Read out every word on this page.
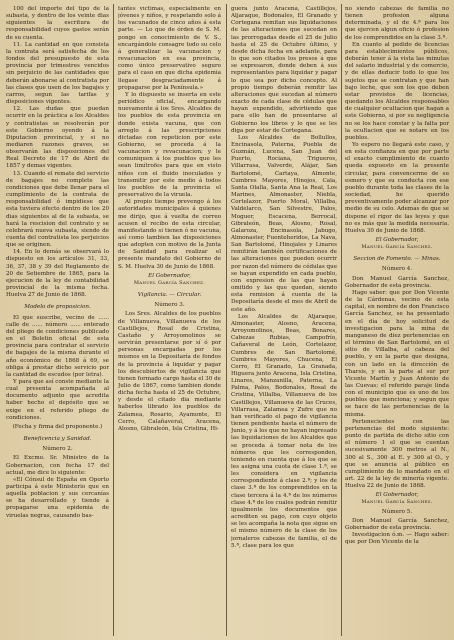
100 del importe del tipo de la subasta, y dentro de los veinte dias siguientes la escritura de responsabilidad cuyos gastos serán de su cuenta.

11. La cantidad en que consista la contrata será satisfecha de los fondos del presupuesto de esta provincia por trimestres vencidos sin perjuicio de las cantidades que deberán abonarse al contratista por las clases que usen de los bagajes y carros, segun las tarifas y disposiciones vigentes.

12. Las dudas que puedan ocurrir en la práctica a los Alcaldes y contratistas se resolverán por este Gobierno oyendo á la Diputacion provincial, y si no mediaren razones graves, se observarán las disposiciones del Real Decreto de 17 de Abril de 1857 y demas vigentes.

13. Cuando el remate del servicio de bagajes no complete las condiciones que debe llenar para el cumplimiento de la contrata de responsabilidad ó impidiese que esta tuviera efecto dentro de los 20 dias siguientes al de la subasta, se hará la rescision del contrato y se celebrará nueva subasta, siendo de cuenta del contratista los perjuicios que se originen.

14. En lo demás se observará lo dispuesto en los artículos 31, 33, 36, 37, 38 y 39 del Reglamento de 20 de Setiembre de 1865, para la ejecucion de la ley de contabilidad provincial de la misma fecha. Huelva 27 de Junio de 1868.

Modelo de proposicion.

El que suscribe, vecino de ...... calle de ...... número ...... enterado del pliego de condiciones publicado en el Boletin oficial de esta provincia para contratar el servicio de bagajes de la misma durante el año económico de 1868 á 69, se obliga á prestar dicho servicio por la cantidad de escudos (por letra).

Y para que así conste mediante la cual presenta acompañada al documento adjunto que acredita haber hecho el depósito que se exige en el referido pliego de condiciones.

(Fecha y firma del proponente.)
Beneficencia y Sanidad.
Número 2.

El Excmo. Sr. Ministro de la Gobernacion, con fecha 17 del actual, me dice lo siguiente:

«El Cónsul de España en Oporto participa á este Ministerio que en aquella poblacion y sus cercanías se ha desarrollado y tiende á propagarse una epidemia de viruelas negras, causando bas-

tantes víctimas, especialmente en jóvenes y niños, y respetando solo á los vacunados de cinco años á esta parte. — Lo que de órden de S. M. pongo en conocimiento de V. S., encargándole consagre todo su celo á generalizar la vacunacion y revacunacion en esa provincia, como único preservativo seguro para el caso en que dicha epidemia llegase desgraciadamente á propagarse por la Península.»

Y lo dispuesto se inserta en este periódico oficial, encargando nuevamente á los Sres. Alcaldes de los pueblos de esta provincia en donde exista vacuna, que con arreglo á las prescripciones dictadas con repeticion por este Gobierno, se proceda á la vacunacion y revacunacion; y le comuniquen á los pueblos que les sean limítrofes para que en visto niños con el fluido inoculados y transmitir por este medio á todos los pueblos de la provincia el preservativo de la viruela.

Al propio tiempo prevengo á los autoridades municipales á quienes me dirijo, que á vuelta de correo acusen el recibo de esta circular, manifestando si tienen ó no vacuna, así como tambien las disposiciones que adopten con motivo de la Junta de Sanidad para realizar el presente mandato del Gobierno de S. M. Huelva 30 de Junio de 1868.

El Gobernador,
Manuel García Sanchez.
Vigilancia. — Circular.
Número 3.

Los Sres. Alcaldes de los pueblos de Villanueva, Villanueva de los Castillejos, Rosal de Cristina, Castaño y Arroyomolinos se servirán presentarse por sí ó por personas encargadas por los mismos en la Depositaría de fondos de la provincia á liquidar y pagar los descubiertos de vigilancia que tienen formado cargo hasta el 30 de Julio de 1867, como tambien donde dicha fecha hasta el 25 de Octubre, y desde el citado dia mediante haberlos librado los pueblos de Zalamea, Rosario, Ayamonte, El Cerro, Calañaveral, Aracena, Alosno, Gibraleón, Isla Cristina, Hi-

guera junto Aracena, Castillejos, Aljaraque, Bodonales, El Granado y Cortegana remitan sus liquidaciones de las alteraciones que sucedan en las prorrogadas desde el 25 de Julio hasta el 25 de Octubre último, y desde dicha fecha en adelante, para lo que son citados los presos á que se expresaron, donde deben á sus representantes para liquidar y pagar lo que sea por dicho concepto. Al propio tiempo deberán remitir las alteraciones que sucedan al número exacto de cada clase de cédulas que hayan expendido, advirtiendo que para ello han de presentarse al Gobierno los libros y lo que se les diga por estar de Cortegana.

Los Alcaldes de Bollullos, Encinasola, Paterna, Puebla de Guzmán, Lucena, San Juan del Puerto, Rociana, Trigueros, Villarrasa, Valverde, Alájar, San Bartolomé, Cartaya, Almonte, Cumbres Mayores, Hinojos, Cala, Santa Olalla, Santa Ana la Real, Los Marines, Almonaster, Niebla, Cortelazor, Puerto Moral, Villalba, Valdelarco, San Silvestre, Palos, Moguer, Escacena, Berrocal, Gibraleón, Beas, Alosno, Rosal, Galaroza, Encinasola, Jabugo, Almonaster, Fuenteheridos, La Nava, San Bartolomé, Hinojales y Linares remitirán también certificaciones de las alteraciones que pueden ocurrir por razon del número de cédulas que se hayan expendido en cada pueblo, con expresion de las que hayan omitido y las que quedan, siendo esta remision á cuenta de la Depositaría desde el mes de Abril de este año.

Los Alcaldes de Aljaraque, Almonaster, Alosno, Aracena, Arroyomolinos, Beas, Bonares, Cabezas Rubias, Campofrío, Cañaveral de León, Cortelazor, Cumbres de San Bartolomé, Cumbres Mayores, Chucena, El Cerro, El Granado, La Granada, Higuera junto Aracena, Isla Cristina, Linares, Manzanilla, Paterna, La Palma, Palos, Bodonales, Rosal de Cristina, Villalba, Villanueva de los Castillejos, Villanueva de las Cruces, Villarrasa, Zalamea y Zufre que no han verificado el pago de vigilancia tienen pendiente hasta el número de Junio, y á los que no hayan ingresado las liquidaciones de los Alcaldes que se proceda á tomar nota de los números que les corresponden, teniendo en cuenta que á los que se les asigna una cuota de clase 1.ª, se les considera en vigilancia correspondiente á clase 2.ª; y los de clase 3.ª de los comprendidos en la clase tercera á la 4.ª de los números clase 4.ª de los cuales podrán remitir igualmente los documentos que acrediten su pago, con cuyo objeto se les acompaña la nota que sigue en el mismo número de la clase de los jornaleros cabezas de familia, el de 5.ª, clase para los que

no siendo cabezas de familia no tienen profesion alguna determinada, y el de 4.ª para los que ejercen algun oficio ó profesion de los comprendidos en la clase 3.ª.

En cuanto al pedido de licencias para establecimientos públicos, deberán tener á la vista las minutas del salario industrial y de comercio, y de ellas deducir todo lo que los sujetos que se contratan y que han bajo leche, que son los que deben estar provistos de licencias, quedando los Alcaldes responsables de cualquier ocultacion que hagan a este Gobierno, si por su negligencia no se los hace constar y la falta por la ocultacion que se notare en los pueblos.

Yo espero no llegará este caso, y en esta confianza en que por parte el exacto cumplimiento de cuanto queda expuesto en la presente circular, para convencerme de su esmero y que su conducta con ese pueblo durante toda las clases de la sociedad, he querido preventivamente poder alcanzar por medio de su celo. Ademas de que se dispone el rigor de las leyes y que no es más que la medida necesaria. Huelva 30 de Junio de 1868.

El Gobernador,
Manuel García Sanchez.
Seccion de Fomento. — Minas.
Número 4.

Don Manuel García Sanchez, Gobernador de esta provincia.

Hago saber: que por Don Vicente de la Cárdenas, vecino de esta capital, en nombre de don Francisco García Sanchez, se ha presentado en el día de hoy solicitud de investigacion para la mina de manganeso de diez pertenencias en el término de San Bartolomé, en el sitio de Villalba, al cabeza del pueblo, y en la parte que designa, con un lado en la dirección de Tharsis, y en la parte al sur por Vicente Martín y Juan Antonio de las Cuevas; el referido paraje linda con el municipio que es uno de los pueblos que menciona; y segun que se hace de las pertenencias de la misma.

Pertenecientes con las pertenencias del modo siguiente: punto de partida de dicho sitio con el número 1 el que se cuentan sucesivamente 300 metros al N., 300 al S., 300 al E. y 300 al O., y que se anuncia al público en cumplimiento de lo mandado en el art. 22 de la ley de minería vigente. Huelva 22 de Junio de 1868.

El Gobernador,
Manuel García Sanchez.
Número 5.

Don Manuel García Sanchez, Gobernador de esta provincia.

Investigacion ó.m. — Hago saber: que por Don Vicente de la
